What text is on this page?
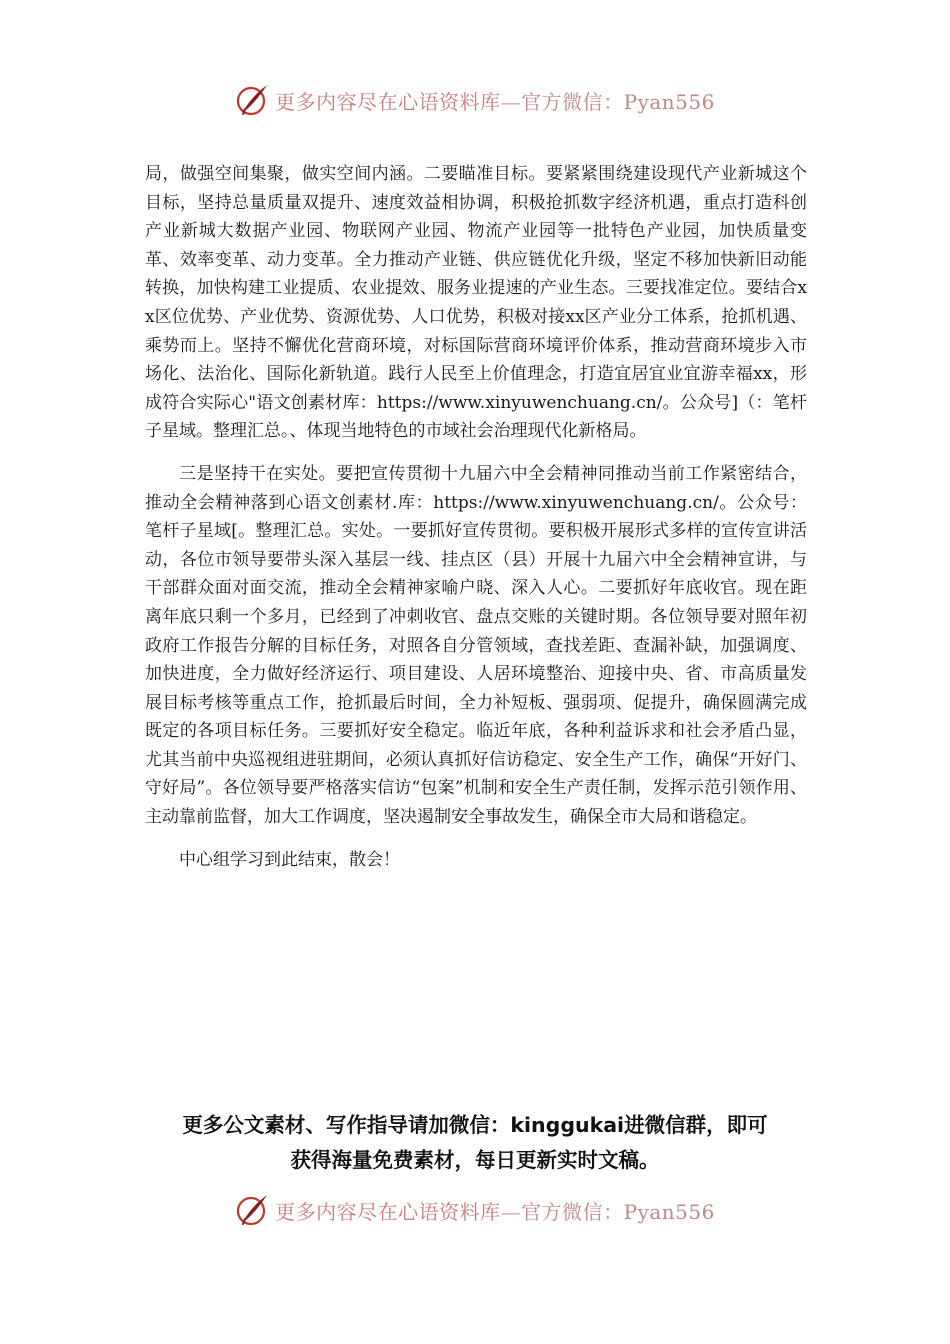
更多内容尽在心语资料库—官方微信：Pyan556

局，做强空间集聚，做实空间内涵。二要瞄准目标。要紧紧围绕建设现代产业新城这个目标，坚持总量质量双提升、速度效益相协调，积极抢抓数字经济机遇，重点打造科创产业新城大数据产业园、物联网产业园、物流产业园等一批特色产业园，加快质量变革、效率变革、动力变革。全力推动产业链、供应链优化升级，坚定不移加快新旧动能转换，加快构建工业提质、农业提效、服务业提速的产业生态。三要找准定位。要结合xx区位优势、产业优势、资源优势、人口优势，积极对接xx区产业分工体系，抢抓机遇、乘势而上。坚持不懈优化营商环境，对标国际营商环境评价体系，推动营商环境步入市场化、法治化、国际化新轨道。践行人民至上价值理念，打造宜居宜业宜游幸福xx，形成符合实际心"语文创素材库：https://www.xinyuwenchuang.cn/。公众号]（：笔杆子星域。整理汇总。、体现当地特色的市域社会治理现代化新格局。

三是坚持干在实处。要把宣传贯彻十九届六中全会精神同推动当前工作紧密结合，推动全会精神落到心语文创素材.库：https://www.xinyuwenchuang.cn/。公众号：笔杆子星域[。整理汇总。实处。一要抓好宣传贯彻。要积极开展形式多样的宣传宣讲活动，各位市领导要带头深入基层一线、挂点区（县）开展十九届六中全会精神宣讲，与干部群众面对面交流，推动全会精神家喻户晓、深入人心。二要抓好年底收官。现在距离年底只剩一个多月，已经到了冲刺收官、盘点交账的关键时期。各位领导要对照年初政府工作报告分解的目标任务，对照各自分管领域，查找差距、查漏补缺，加强调度、加快进度，全力做好经济运行、项目建设、人居环境整治、迎接中央、省、市高质量发展目标考核等重点工作，抢抓最后时间，全力补短板、强弱项、促提升，确保圆满完成既定的各项目标任务。三要抓好安全稳定。临近年底，各种利益诉求和社会矛盾凸显，尤其当前中央巡视组进驻期间，必须认真抓好信访稳定、安全生产工作，确保“开好门、守好局”。各位领导要严格落实信访“包案”机制和安全生产责任制，发挥示范引领作用、主动靠前监督，加大工作调度，坚决遏制安全事故发生，确保全市大局和谐稳定。

中心组学习到此结束，散会！

更多公文素材、写作指导请加微信：kinggukai进微信群，即可
获得海量免费素材，每日更新实时文稿。
更多内容尽在心语资料库—官方微信：Pyan556
